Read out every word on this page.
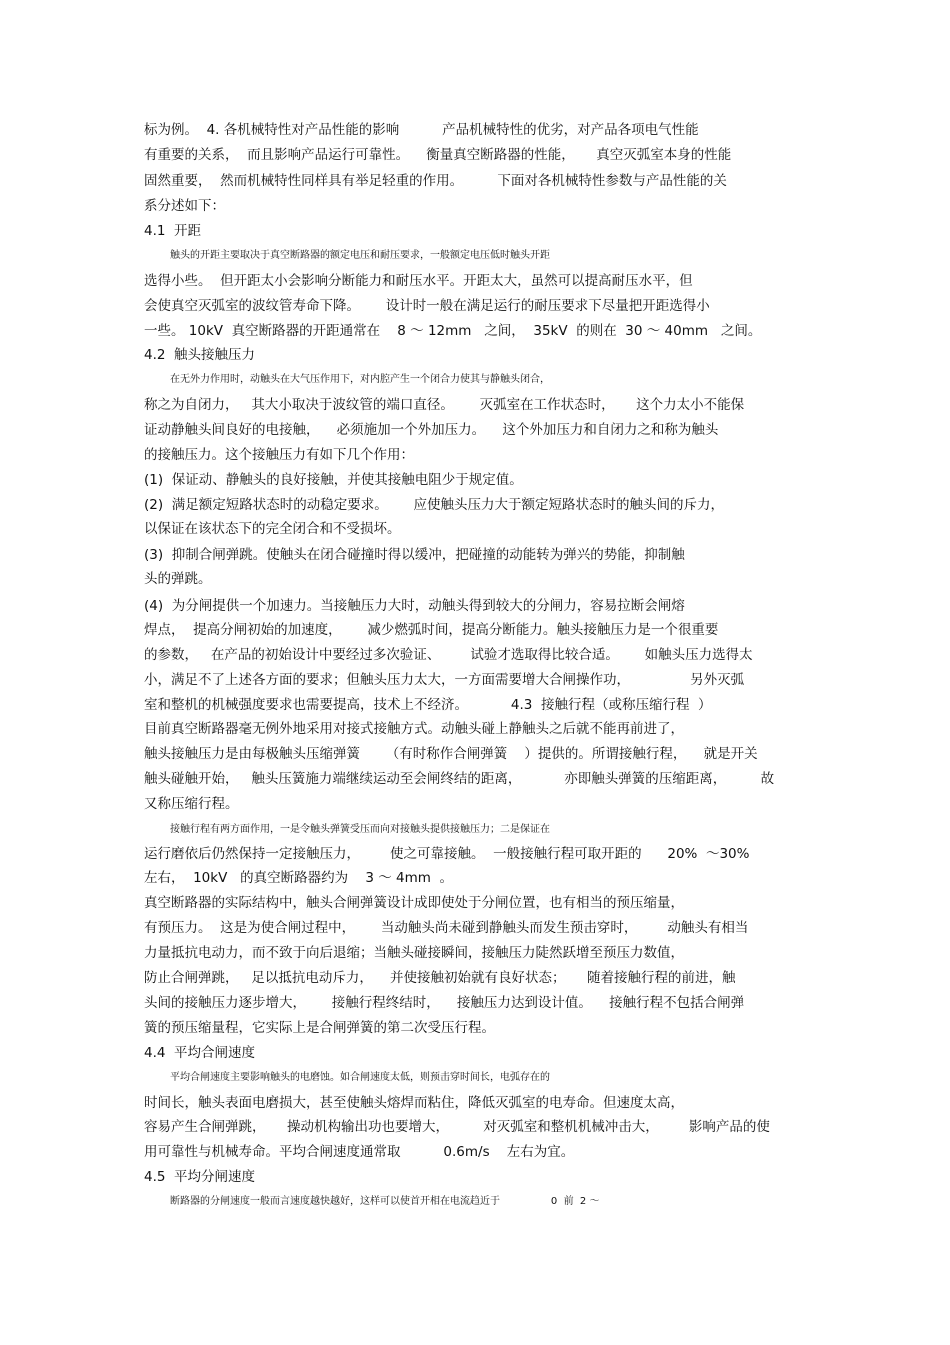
标为例。  4. 各机械特性对产品性能的影响          产品机械特性的优劣，对产品各项电气性能
有重要的关系，  而且影响产品运行可靠性。    衡量真空断路器的性能，     真空灭弧室本身的性能
固然重要，  然而机械特性同样具有举足轻重的作用。        下面对各机械特性参数与产品性能的关
系分述如下：
4.1  开距
触头的开距主要取决于真空断路器的额定电压和耐压要求，一般额定电压低时触头开距
选得小些。  但开距太小会影响分断能力和耐压水平。开距太大，虽然可以提高耐压水平，但
会使真空灭弧室的波纹管寿命下降。      设计时一般在满足运行的耐压要求下尽量把开距选得小
一些。 10kV  真空断路器的开距通常在    8 ～ 12mm   之间，  35kV  的则在  30 ～ 40mm   之间。
4.2  触头接触压力
在无外力作用时，动触头在大气压作用下，对内腔产生一个闭合力使其与静触头闭合，
称之为自闭力，   其大小取决于波纹管的端口直径。      灭弧室在工作状态时，     这个力太小不能保
证动静触头间良好的电接触，    必须施加一个外加压力。    这个外加压力和自闭力之和称为触头
的接触压力。这个接触压力有如下几个作用：
(1)  保证动、静触头的良好接触，并使其接触电阻少于规定值。
(2)  满足额定短路状态时的动稳定要求。      应使触头压力大于额定短路状态时的触头间的斥力，
以保证在该状态下的完全闭合和不受损坏。
(3)  抑制合闸弹跳。使触头在闭合碰撞时得以缓冲，把碰撞的动能转为弹兴的势能，抑制触
头的弹跳。
(4)  为分闸提供一个加速力。当接触压力大时，动触头得到较大的分闸力，容易拉断会闸熔
焊点，  提高分闸初始的加速度，      减少燃弧时间，提高分断能力。触头接触压力是一个很重要
的参数，   在产品的初始设计中要经过多次验证、       试验才选取得比较合适。      如触头压力选得太
小，满足不了上述各方面的要求；但触头压力太大，一方面需要增大合闸操作功，              另外灭弧
室和整机的机械强度要求也需要提高，技术上不经济。          4.3  接触行程（或称压缩行程  ）
目前真空断路器毫无例外地采用对接式接触方式。动触头碰上静触头之后就不能再前进了，
触头接触压力是由每极触头压缩弹簧      （有时称作合闸弹簧    ）提供的。所谓接触行程，    就是开关
触头碰触开始，   触头压簧施力端继续运动至会闸终结的距离，          亦即触头弹簧的压缩距离，        故
又称压缩行程。
接触行程有两方面作用，一是令触头弹簧受压而向对接触头提供接触压力；二是保证在
运行磨依后仍然保持一定接触压力，       使之可靠接触。  一般接触行程可取开距的      20%  ～30%
左右，  10kV   的真空断路器约为    3 ～ 4mm  。
真空断路器的实际结构中，触头合闸弹簧设计成即使处于分闸位置，也有相当的预压缩量，
有预压力。  这是为使合闸过程中，      当动触头尚未碰到静触头而发生预击穿时，       动触头有相当
力量抵抗电动力，而不致于向后退缩；当触头碰接瞬间，接触压力陡然跃增至预压力数值，
防止合闸弹跳，   足以抵抗电动斥力，    并使接触初始就有良好状态；     随着接触行程的前进，触
头间的接触压力逐步增大，      接触行程终结时，    接触压力达到设计值。    接触行程不包括合闸弹
簧的预压缩量程，它实际上是合闸弹簧的第二次受压行程。
4.4  平均合闸速度
平均合闸速度主要影响触头的电磨蚀。如合闸速度太低，则预击穿时间长，电弧存在的
时间长，触头表面电磨损大，甚至使触头熔焊而粘住，降低灭弧室的电寿命。但速度太高，
容易产生合闸弹跳，     操动机构输出功也要增大，        对灭弧室和整机机械冲击大，       影响产品的使
用可靠性与机械寿命。平均合闸速度通常取          0.6m/s    左右为宜。
4.5  平均分闸速度
断路器的分闸速度一般而言速度越快越好，这样可以使首开相在电流趋近于                0  前  2 ～
